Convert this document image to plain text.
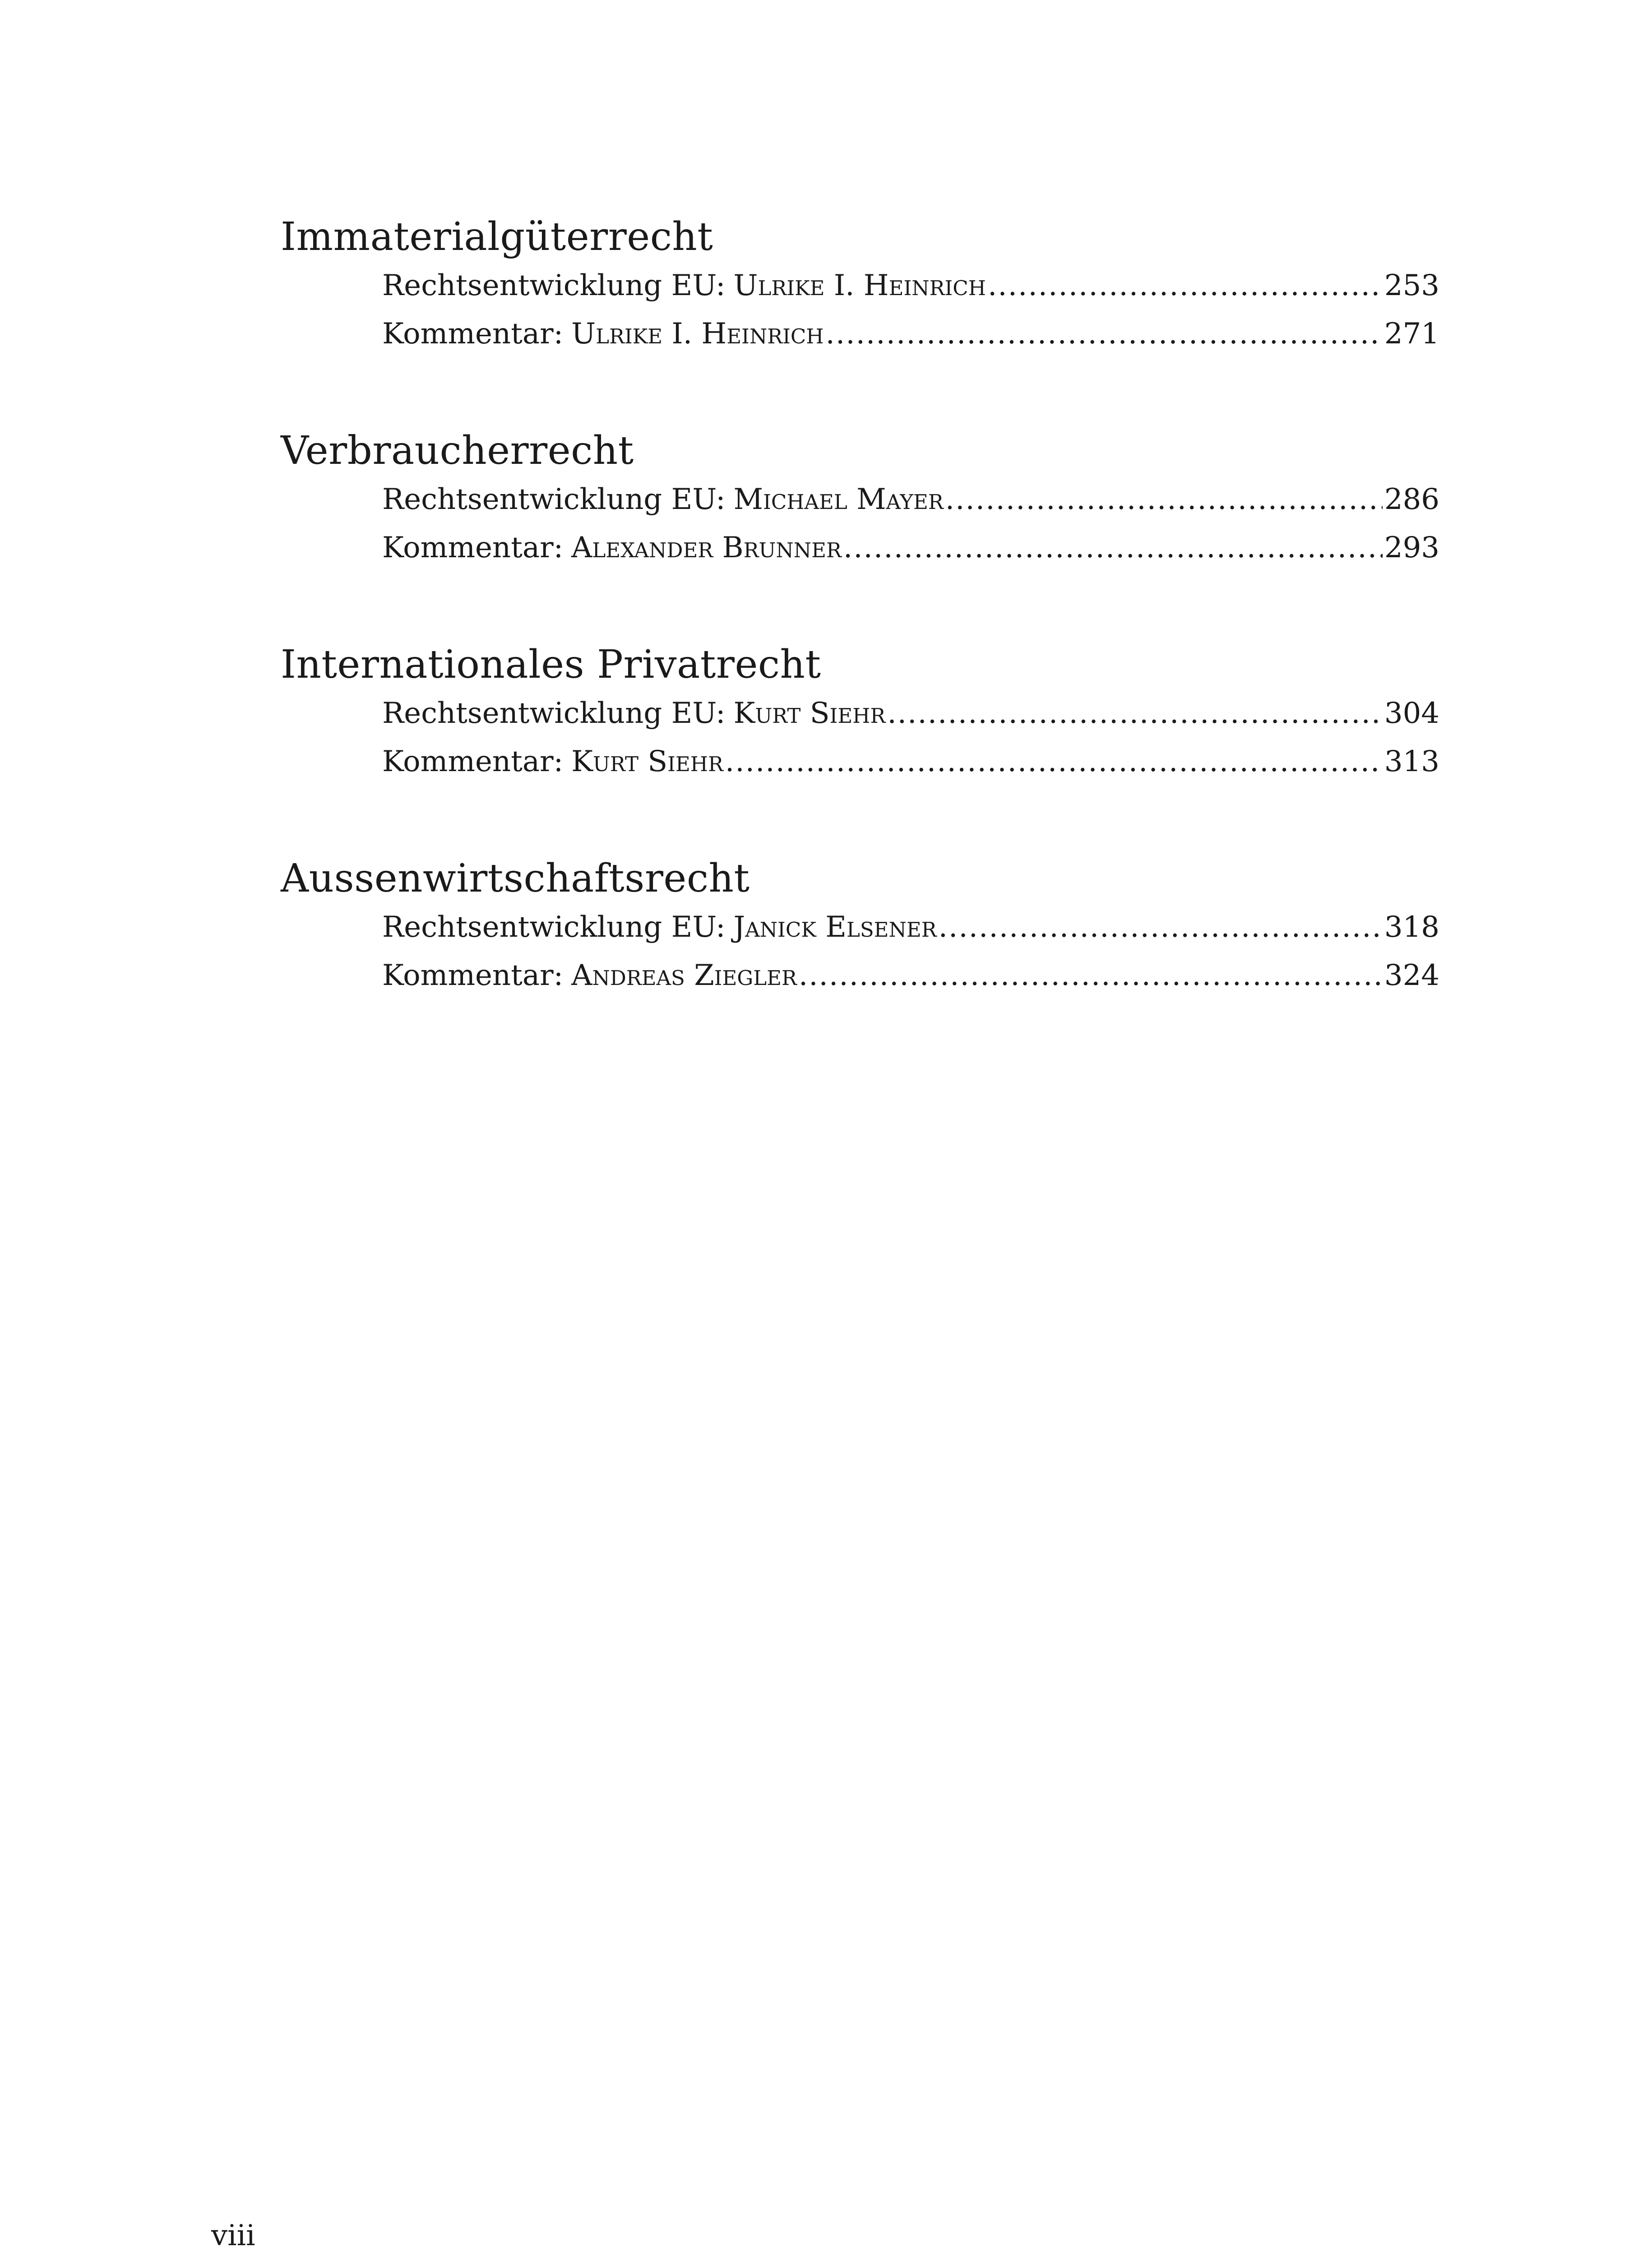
Immaterialgüterrecht
Rechtsentwicklung EU: Ulrike I. Heinrich .....	253
Kommentar: Ulrike I. Heinrich .....	271
Verbraucherrecht
Rechtsentwicklung EU: Michael Mayer .....	286
Kommentar: Alexander Brunner .....	293
Internationales Privatrecht
Rechtsentwicklung EU: Kurt Siehr .....	304
Kommentar: Kurt Siehr .....	313
Aussenwirtschaftsrecht
Rechtsentwicklung EU: Janick Elsener .....	318
Kommentar: Andreas Ziegler .....	324
viii
